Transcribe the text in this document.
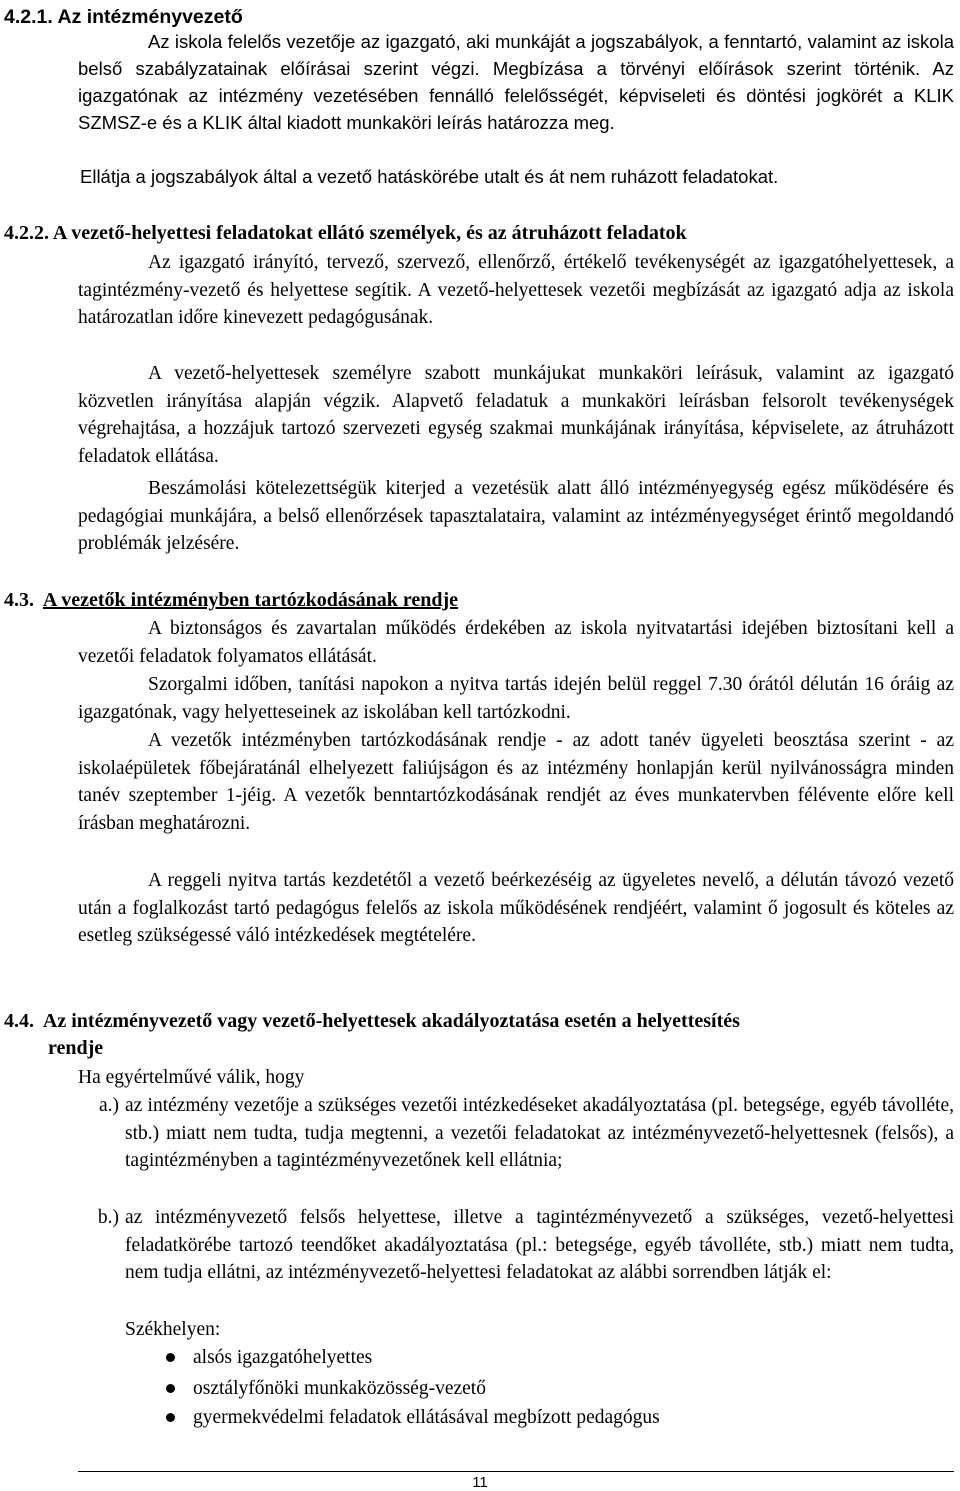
4.2.1. Az intézményvezető

Az iskola felelős vezetője az igazgató, aki munkáját a jogszabályok, a fenntartó, valamint az iskola belső szabályzatainak előírásai szerint végzi. Megbízása a törvényi előírások szerint történik. Az igazgatónak az intézmény vezetésében fennálló felelősségét, képviseleti és döntési jogkörét a KLIK SZMSZ-e és a KLIK által kiadott munkaköri leírás határozza meg.

Ellátja a jogszabályok által a vezető hatáskörébe utalt és át nem ruházott feladatokat.

4.2.2. A vezető-helyettesi feladatokat ellátó személyek, és az átruházott feladatok

Az igazgató irányító, tervező, szervező, ellenőrző, értékelő tevékenységét az igazgatóhelyettesek, a tagintézmény-vezető és helyettese segítik. A vezető-helyettesek vezetői megbízását az igazgató adja az iskola határozatlan időre kinevezett pedagógusának.

A vezető-helyettesek személyre szabott munkájukat munkaköri leírásuk, valamint az igazgató közvetlen irányítása alapján végzik. Alapvető feladatuk a munkaköri leírásban felsorolt tevékenységek végrehajtása, a hozzájuk tartozó szervezeti egység szakmai munkájának irányítása, képviselete, az átruházott feladatok ellátása.

Beszámolási kötelezettségük kiterjed a vezetésük alatt álló intézményegység egész működésére és pedagógiai munkájára, a belső ellenőrzések tapasztalataira, valamint az intézményegységet érintő megoldandó problémák jelzésére.

4.3. A vezetők intézményben tartózkodásának rendje

A biztonságos és zavartalan működés érdekében az iskola nyitvatartási idejében biztosítani kell a vezetői feladatok folyamatos ellátását.

Szorgalmi időben, tanítási napokon a nyitva tartás idején belül reggel 7.30 órától délután 16 óráig az igazgatónak, vagy helyetteseinek az iskolában kell tartózkodni.

A vezetők intézményben tartózkodásának rendje - az adott tanév ügyeleti beosztása szerint - az iskolaépületek főbejáratánál elhelyezett faliújságon és az intézmény honlapján kerül nyilvánosságra minden tanév szeptember 1-jéig. A vezetők benntartózkodásának rendjét az éves munkatervben félévente előre kell írásban meghatározni.

A reggeli nyitva tartás kezdetétől a vezető beérkezéséig az ügyeletes nevelő, a délután távozó vezető után a foglalkozást tartó pedagógus felelős az iskola működésének rendjéért, valamint ő jogosult és köteles az esetleg szükségessé váló intézkedések megtételére.

4.4. Az intézményvezető vagy vezető-helyettesek akadályoztatása esetén a helyettesítés
rendje

Ha egyértelművé válik, hogy

a.) az intézmény vezetője a szükséges vezetői intézkedéseket akadályoztatása (pl. betegsége, egyéb távolléte, stb.) miatt nem tudta, tudja megtenni, a vezetői feladatokat az intézményvezető-helyettesnek (felsős), a tagintézményben a tagintézményvezetőnek kell ellátnia;
b.) az intézményvezető felsős helyettese, illetve a tagintézményvezető a szükséges, vezető-helyettesi feladatkörébe tartozó teendőket akadályoztatása (pl.: betegsége, egyéb távolléte, stb.) miatt nem tudta, nem tudja ellátni, az intézményvezető-helyettesi feladatokat az alábbi sorrendben látják el:

Székhelyen:

alsós igazgatóhelyettes
osztályfőnöki munkaközösség-vezető
gyermekvédelmi feladatok ellátásával megbízott pedagógus
11
